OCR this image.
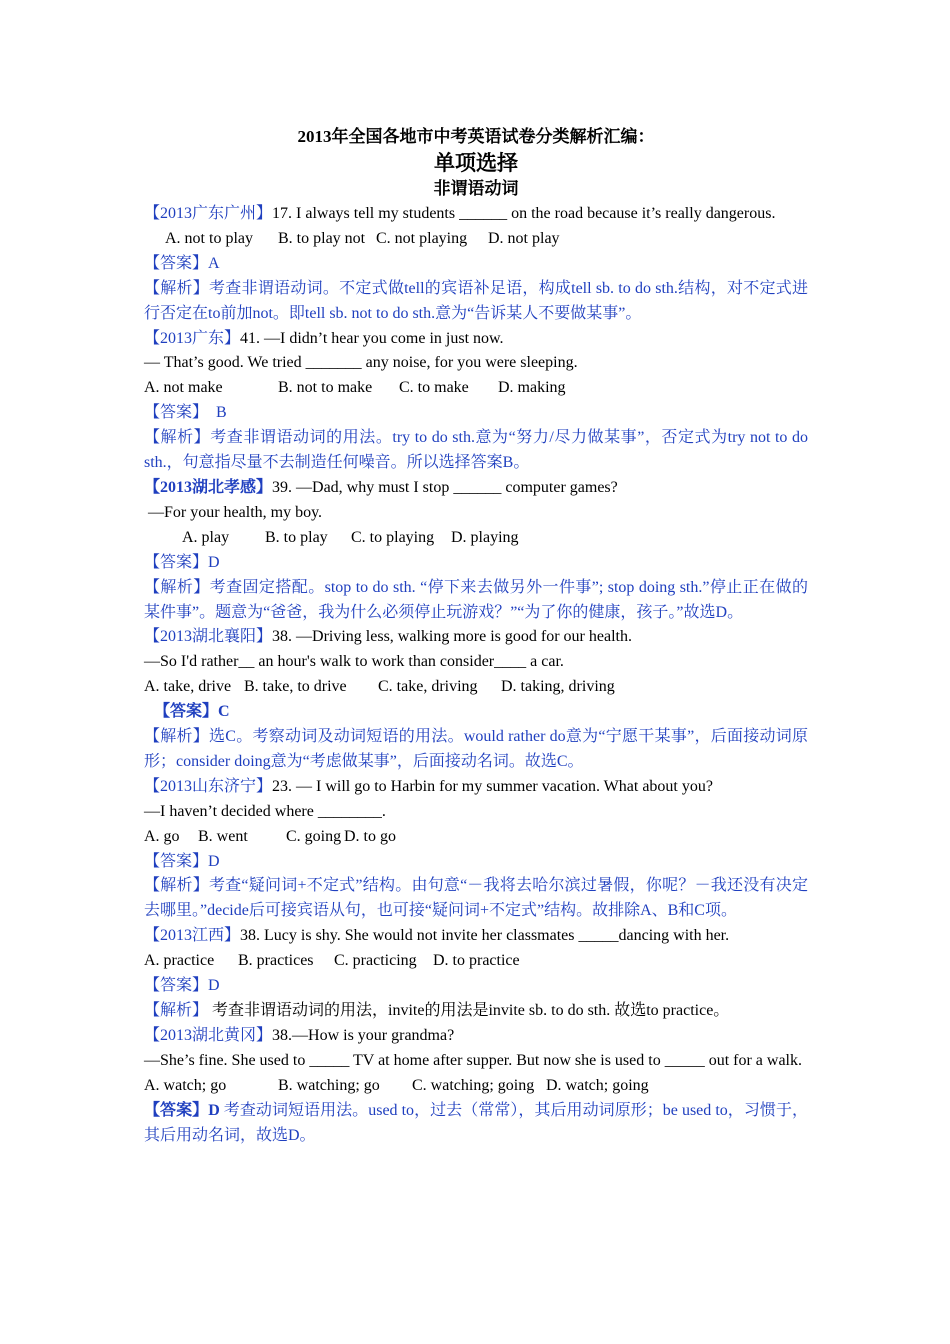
2013年全国各地市中考英语试卷分类解析汇编：
单项选择
非谓语动词
【2013广东广州】17. I always tell my students ______ on the road because it’s really dangerous.
A. not to play B. to play not C. not playing D. not play
【答案】A
【解析】考查非谓语动词。不定式做tell的宾语补足语，构成tell sb. to do sth.结构，对不定式进行否定在to前加not。即tell sb. not to do sth.意为“告诉某人不要做某事”。
【2013广东】41. —I didn’t hear you come in just now.
— That’s good. We tried _______ any noise, for you were sleeping.
A. not make	B. not to make C. to make D. making
【答案】  B
【解析】考查非谓语动词的用法。try to do sth.意为“努力/尽力做某事”，否定式为try not to do sth.，句意指尽量不去制造任何噪音。所以选择答案B。
【2013湖北孝感】39. —Dad, why must I stop ______ computer games?
—For your health, my boy.
A. play B. to play C. to playing D. playing
【答案】D
【解析】考查固定搭配。stop to do sth. “停下来去做另外一件事”; stop doing sth.”停止正在做的某件事”。题意为“爸爸，我为什么必须停止玩游戏？”“为了你的健康，孩子。”故选D。
【2013湖北襄阳】38. —Driving less, walking more is good for our health.
—So I'd rather__ an hour's walk to work than consider____ a car.
A. take, drive B. take, to drive C. take, driving D. taking, driving
【答案】C
【解析】选C。考察动词及动词短语的用法。would rather do意为“宁愿干某事”，后面接动词原形；consider doing意为“考虑做某事”，后面接动名词。故选C。
【2013山东济宁】23. — I will go to Harbin for my summer vacation. What about you?
—I haven’t decided where ________.
A. go B. went C. going D. to go
【答案】D
【解析】考查“疑问词+不定式”结构。由句意“－我将去哈尔滨过暑假，你呢？－我还没有决定去哪里。”decide后可接宾语从句，也可接“疑问词+不定式”结构。故排除A、B和C项。
【2013江西】38. Lucy is shy. She would not invite her classmates _____dancing with her.
A. practice B. practices C. practicing D. to practice
【答案】D
【解析】 考查非谓语动词的用法，invite的用法是invite sb. to do sth. 故选to practice。
【2013湖北黄冈】38.—How is your grandma?
—She’s fine. She used to _____ TV at home after supper. But now she is used to _____ out for a walk.
A. watch; go	B. watching; go C. watching; going D. watch; going
【答案】D 考查动词短语用法。used to，过去（常常），其后用动词原形；be used to，习惯于，其后用动名词，故选D。
